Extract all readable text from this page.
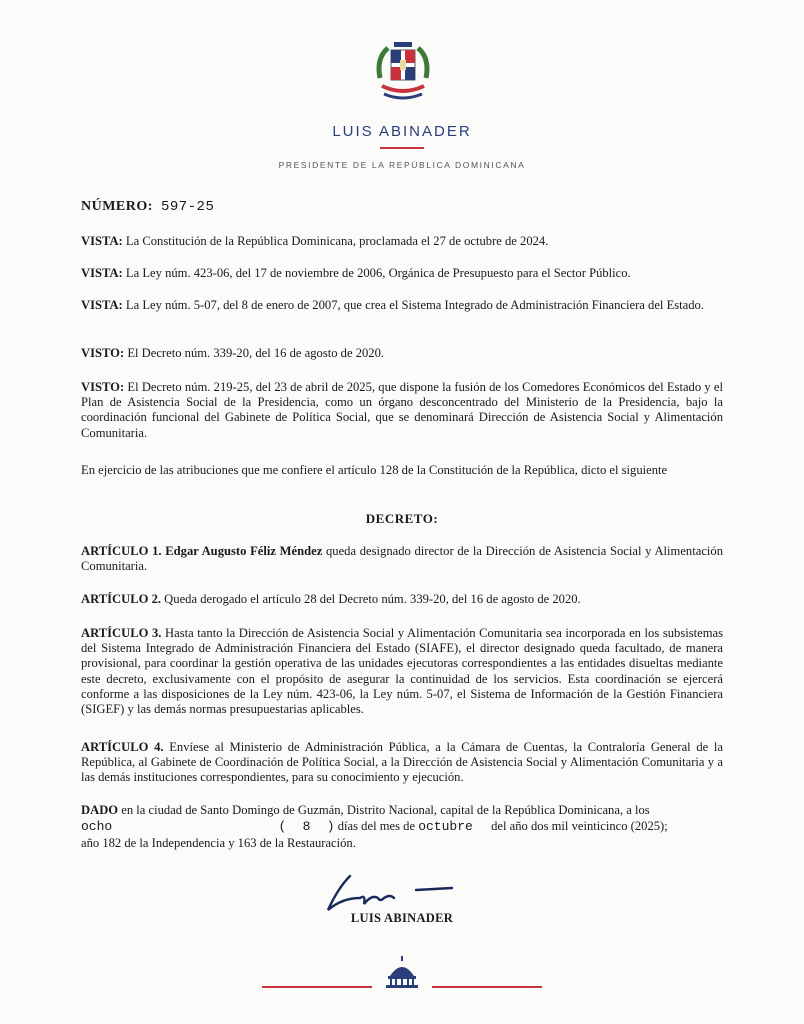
LUIS ABINADER
PRESIDENTE DE LA REPÚBLICA DOMINICANA
NÚMERO: 597-25

VISTA: La Constitución de la República Dominicana, proclamada el 27 de octubre de 2024.

VISTA: La Ley núm. 423-06, del 17 de noviembre de 2006, Orgánica de Presupuesto para el Sector Público.

VISTA: La Ley núm. 5-07, del 8 de enero de 2007, que crea el Sistema Integrado de Administración Financiera del Estado.

VISTO: El Decreto núm. 339-20, del 16 de agosto de 2020.

VISTO: El Decreto núm. 219-25, del 23 de abril de 2025, que dispone la fusión de los Comedores Económicos del Estado y el Plan de Asistencia Social de la Presidencia, como un órgano desconcentrado del Ministerio de la Presidencia, bajo la coordinación funcional del Gabinete de Política Social, que se denominará Dirección de Asistencia Social y Alimentación Comunitaria.

En ejercicio de las atribuciones que me confiere el artículo 128 de la Constitución de la República, dicto el siguiente

ARTÍCULO 1. Edgar Augusto Féliz Méndez queda designado director de la Dirección de Asistencia Social y Alimentación Comunitaria.

ARTÍCULO 2. Queda derogado el artículo 28 del Decreto núm. 339-20, del 16 de agosto de 2020.

ARTÍCULO 3. Hasta tanto la Dirección de Asistencia Social y Alimentación Comunitaria sea incorporada en los subsistemas del Sistema Integrado de Administración Financiera del Estado (SIAFE), el director designado queda facultado, de manera provisional, para coordinar la gestión operativa de las unidades ejecutoras correspondientes a las entidades disueltas mediante este decreto, exclusivamente con el propósito de asegurar la continuidad de los servicios. Esta coordinación se ejercerá conforme a las disposiciones de la Ley núm. 423-06, la Ley núm. 5-07, el Sistema de Información de la Gestión Financiera (SIGEF) y las demás normas presupuestarias aplicables.

ARTÍCULO 4. Envíese al Ministerio de Administración Pública, a la Cámara de Cuentas, la Contraloría General de la República, al Gabinete de Coordinación de Política Social, a la Dirección de Asistencia Social y Alimentación Comunitaria y a las demás instituciones correspondientes, para su conocimiento y ejecución.

DADO en la ciudad de Santo Domingo de Guzmán, Distrito Nacional, capital de la República Dominicana, a los

ocho	( 8 ) días del mes de octubre del año dos mil veinticinco (2025);

año 182 de la Independencia y 163 de la Restauración.

DECRETO:
LUIS ABINADER
